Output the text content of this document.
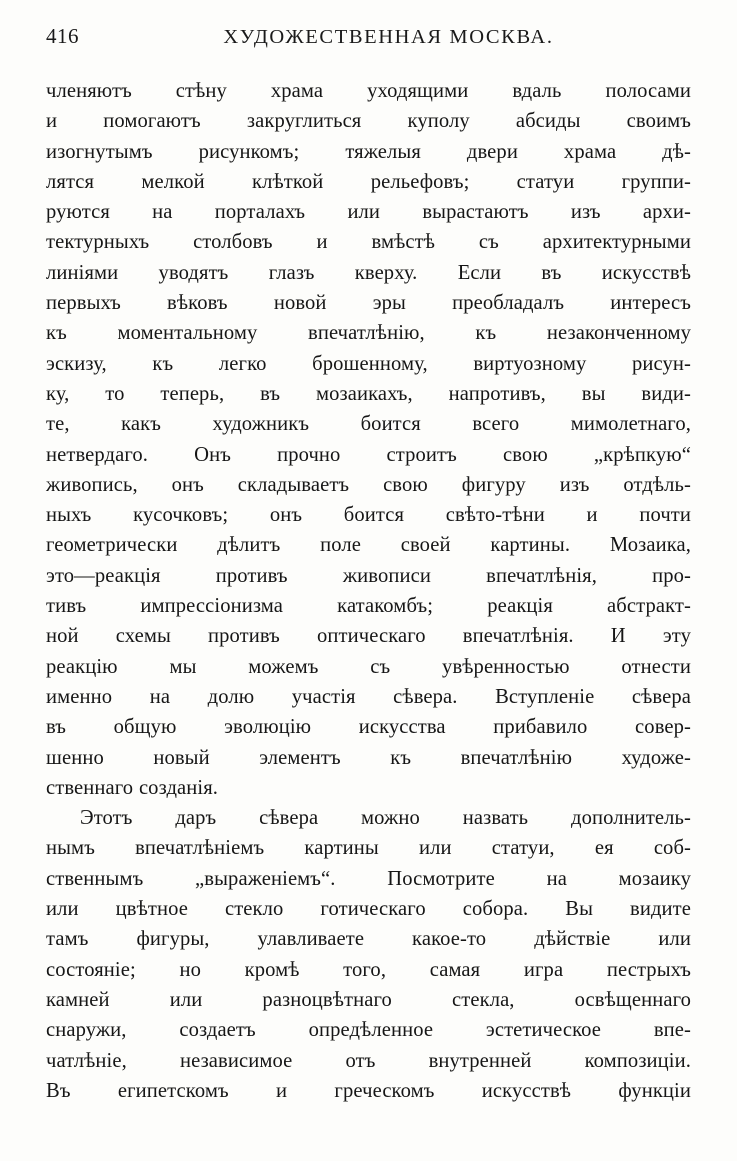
416	ХУДОЖЕСТВЕННАЯ МОСКВА.

членяютъ стѣну храма уходящими вдаль полосами
и помогаютъ закруглиться куполу абсиды своимъ
изогнутымъ рисункомъ; тяжелыя двери храма дѣ-
лятся мелкой клѣткой рельефовъ; статуи группи-
руются на порталахъ или вырастаютъ изъ архи-
тектурныхъ столбовъ и вмѣстѣ съ архитектурными
линіями уводятъ глазъ кверху. Если въ искусствѣ
первыхъ вѣковъ новой эры преобладалъ интересъ
къ моментальному впечатлѣнію, къ незаконченному
эскизу, къ легко брошенному, виртуозному рисун-
ку, то теперь, въ мозаикахъ, напротивъ, вы види-
те, какъ художникъ боится всего мимолетнаго,
нетвердаго. Онъ прочно строитъ свою „крѣпкую“
живопись, онъ складываетъ свою фигуру изъ отдѣль-
ныхъ кусочковъ; онъ боится свѣто-тѣни и почти
геометрически дѣлитъ поле своей картины. Мозаика,
это—реакція противъ живописи впечатлѣнія, про-
тивъ импрессіонизма катакомбъ; реакція абстракт-
ной схемы противъ оптическаго впечатлѣнія. И эту
реакцію мы можемъ съ увѣренностью отнести
именно на долю участія сѣвера. Вступленіе сѣвера
въ общую эволюцію искусства прибавило совер-
шенно новый элементъ къ впечатлѣнію художе-
ственнаго созданія.

Этотъ даръ сѣвера можно назвать дополнитель-
нымъ впечатлѣніемъ картины или статуи, ея соб-
ственнымъ „выраженіемъ“. Посмотрите на мозаику
или цвѣтное стекло готическаго собора. Вы видите
тамъ фигуры, улавливаете какое-то дѣйствіе или
состояніе; но кромѣ того, самая игра пестрыхъ
камней или разноцвѣтнаго стекла, освѣщеннаго
снаружи, создаетъ опредѣленное эстетическое впе-
чатлѣніе, независимое отъ внутренней композиціи.
Въ египетскомъ и греческомъ искусствѣ функціи
